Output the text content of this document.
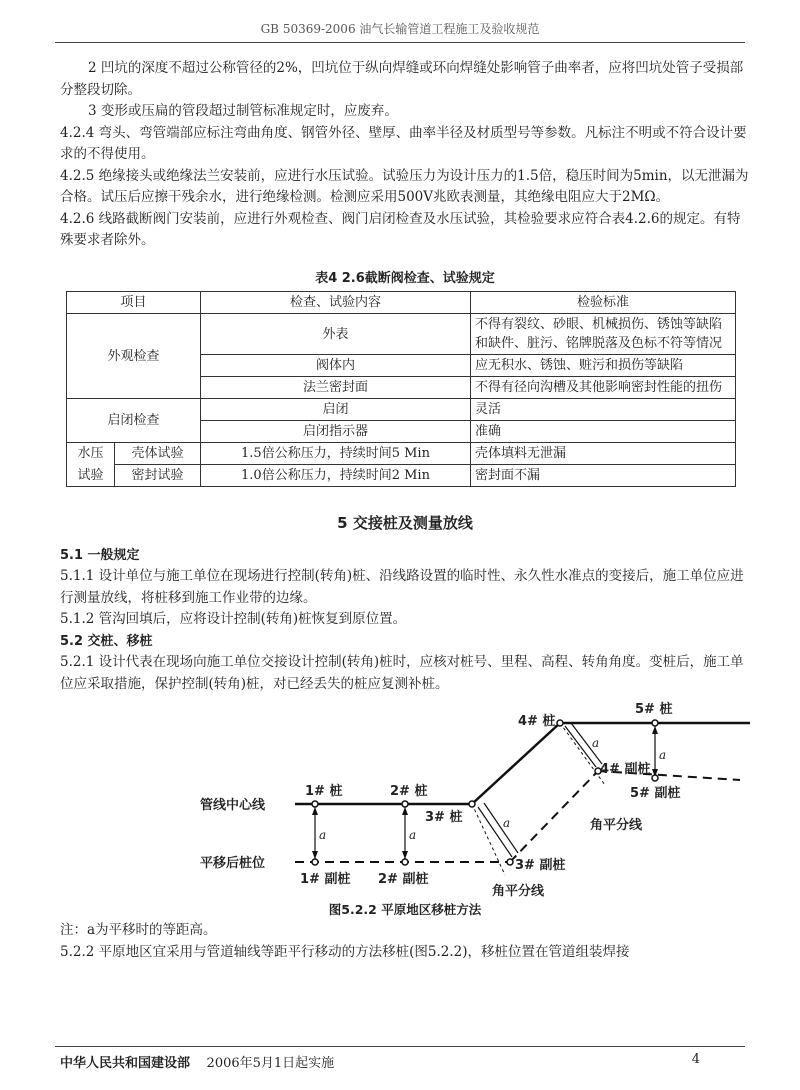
GB 50369-2006 油气长输管道工程施工及验收规范

2 凹坑的深度不超过公称管径的2%，凹坑位于纵向焊缝或环向焊缝处影响管子曲率者，应将凹坑处管子受损部分整段切除。

3 变形或压扁的管段超过制管标准规定时，应废弃。

4.2.4 弯头、弯管端部应标注弯曲角度、钢管外径、壁厚、曲率半径及材质型号等参数。凡标注不明或不符合设计要求的不得使用。

4.2.5 绝缘接头或绝缘法兰安装前，应进行水压试验。试验压力为设计压力的1.5倍，稳压时间为5min，以无泄漏为合格。试压后应擦干残余水，进行绝缘检测。检测应采用500V兆欧表测量，其绝缘电阻应大于2MΩ。

4.2.6 线路截断阀门安装前，应进行外观检查、阀门启闭检查及水压试验，其检验要求应符合表4.2.6的规定。有特殊要求者除外。

表4 2.6截断阀检查、试验规定
项目		检查、试验内容	检验标准
外观检查		外表	不得有裂纹、砂眼、机械损伤、锈蚀等缺陷和缺件、脏污、铭牌脱落及色标不符等情况
		阀体内	应无积水、锈蚀、赃污和损伤等缺陷
		法兰密封面	不得有径向沟槽及其他影响密封性能的扭伤
启闭检查		启闭	灵活
		启闭指示器	准确
水压	壳体试验	1.5倍公称压力，持续时间5 Min	壳体填料无泄漏
试验	密封试验	1.0倍公称压力，持续时间2 Min	密封面不漏
5 交接桩及测量放线

5.1 一般规定

5.1.1 设计单位与施工单位在现场进行控制(转角)桩、沿线路设置的临时性、永久性水准点的变接后，施工单位应进行测量放线，将桩移到施工作业带的边缘。

5.1.2 管沟回填后，应将设计控制(转角)桩恢复到原位置。

5.2 交桩、移桩

5.2.1 设计代表在现场向施工单位交接设计控制(转角)桩时，应核对桩号、里程、高程、转角角度。变桩后，施工单位应采取措施，保护控制(转角)桩，对已经丢失的桩应复测补桩。

管线中心线
平移后桩位
1# 桩	2# 桩
3# 桩
4# 桩
5# 桩
1# 副桩 2# 副桩
3# 副桩
4# 副桩
5# 副桩
角平分线
角平分线
a	a
a
a
a
图5.2.2 平原地区移桩方法

注：a为平移时的等距高。

5.2.2 平原地区宜采用与管道轴线等距平行移动的方法移桩(图5.2.2)，移桩位置在管道组装焊接

中华人民共和国建设部 2006年5月1日起实施	4
